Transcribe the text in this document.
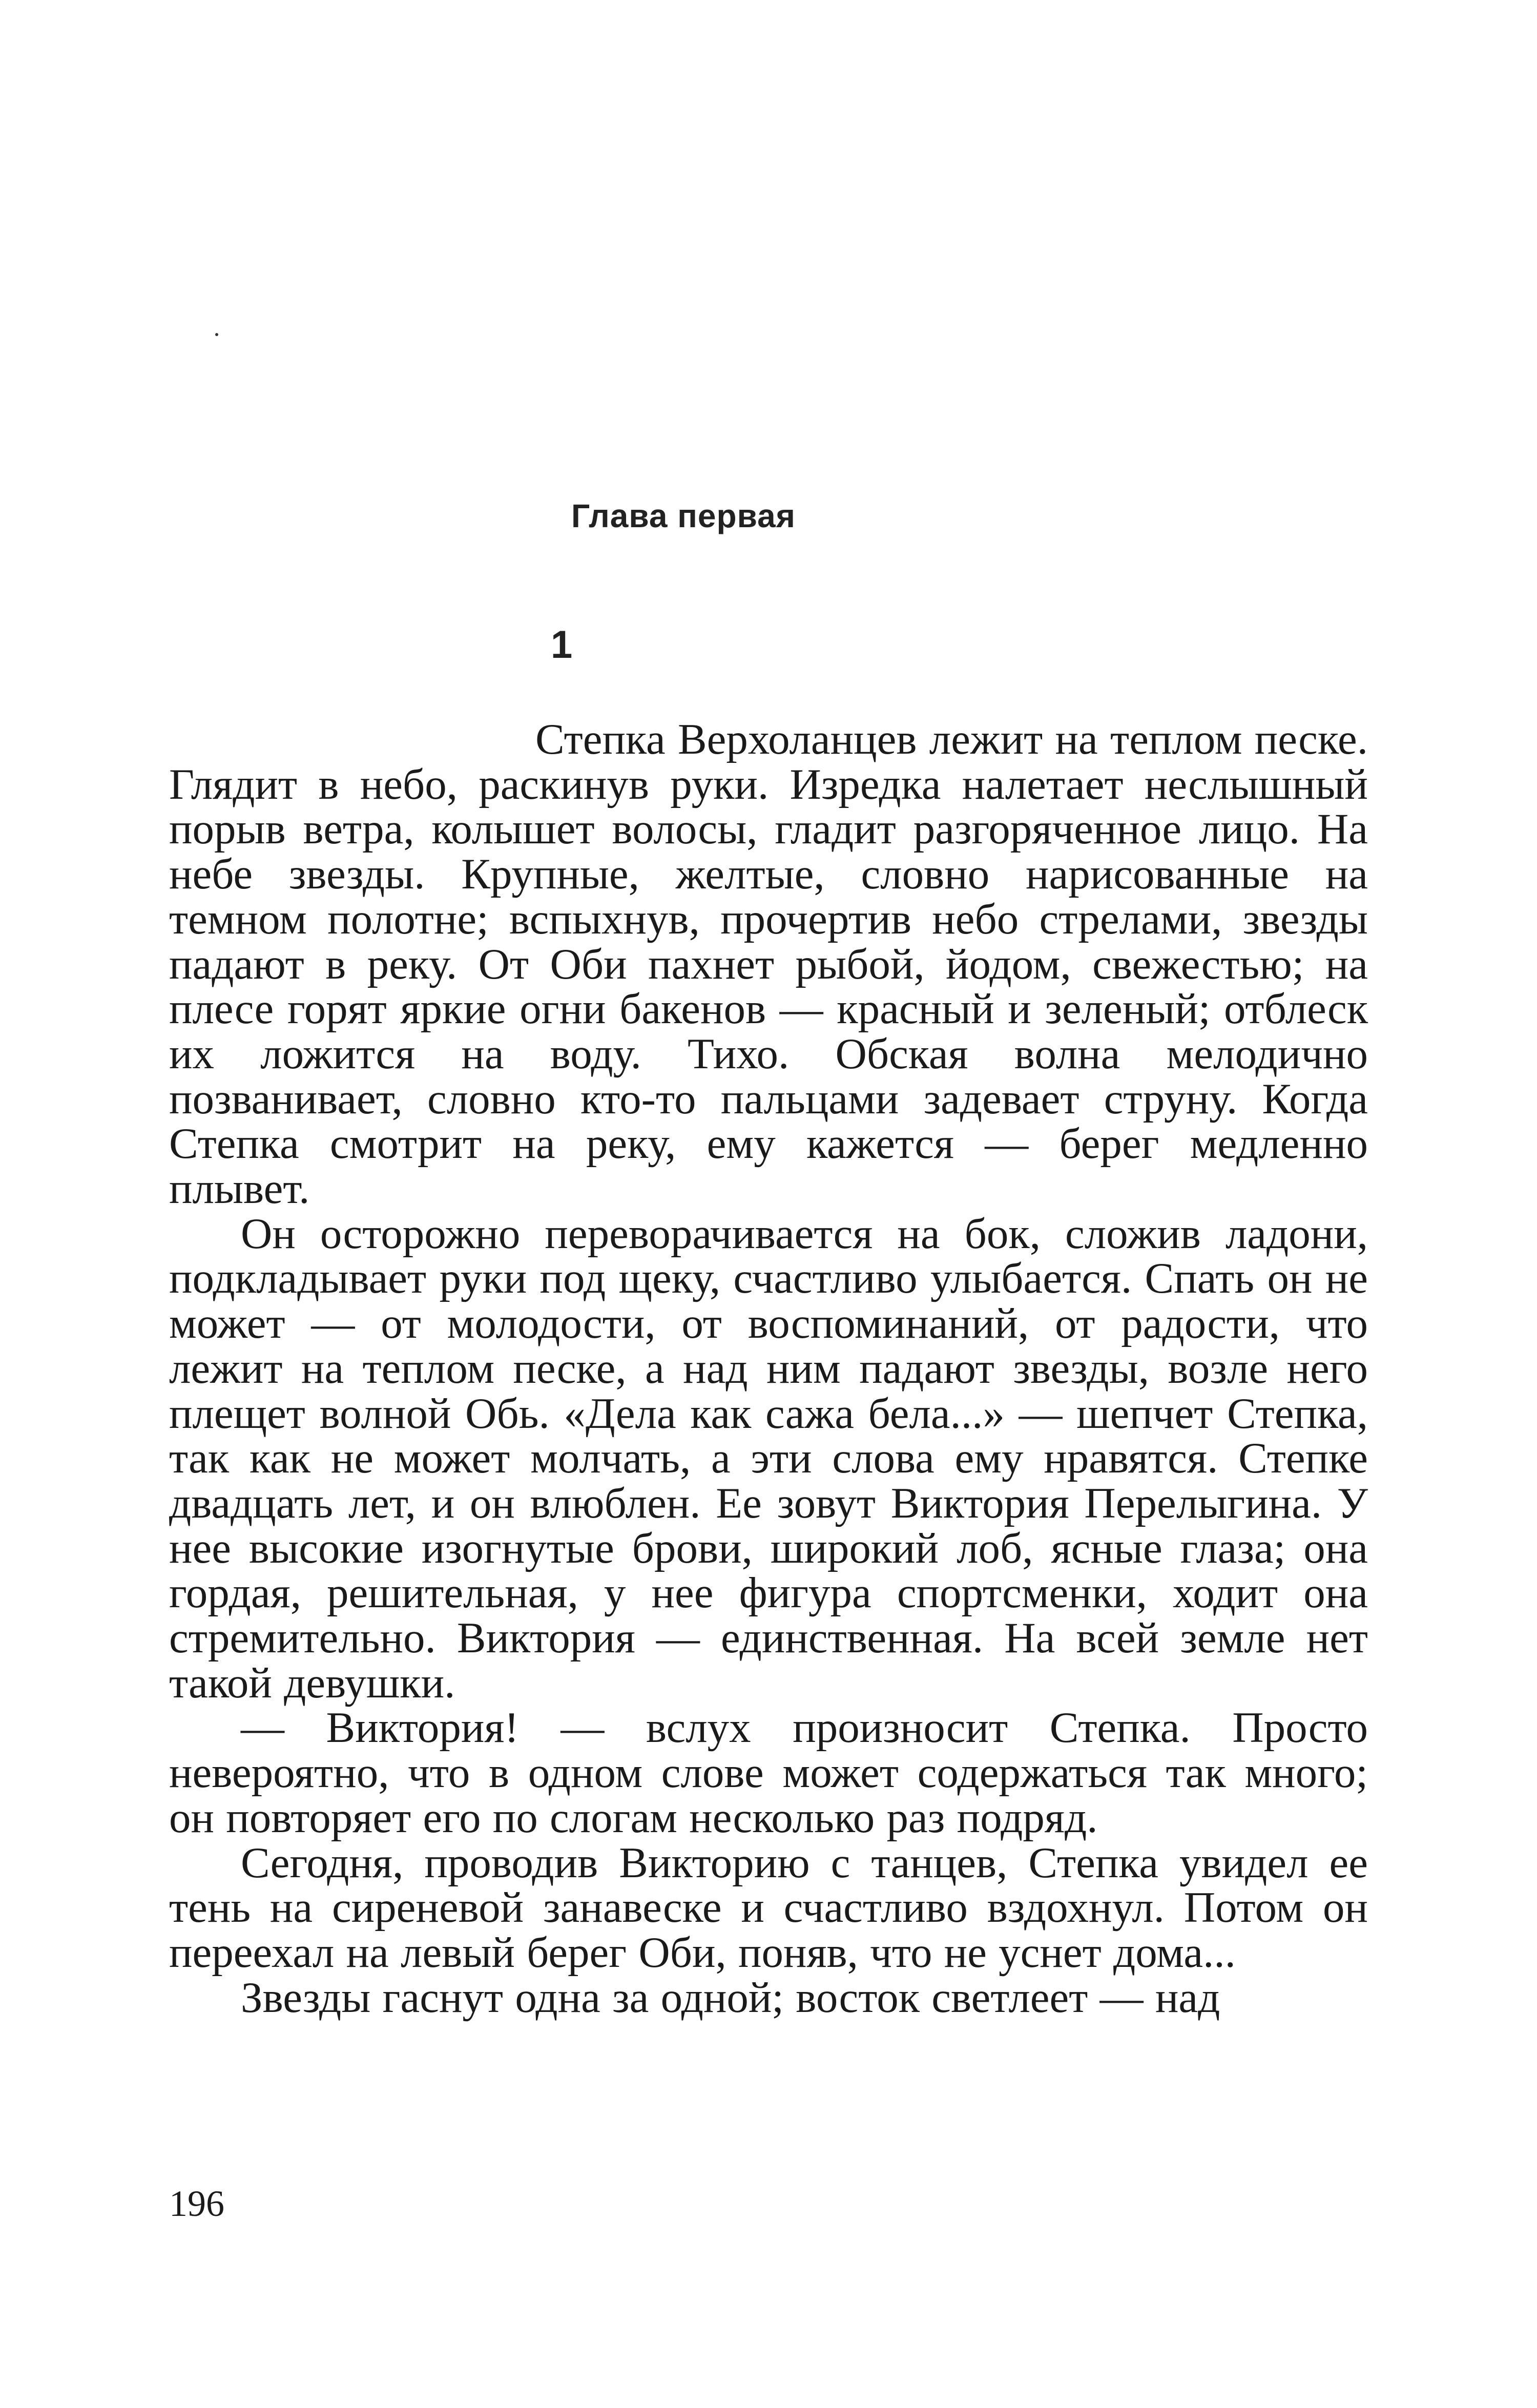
Глава первая
1

Степка Верхоланцев лежит на теплом песке. Глядит в небо, раскинув руки. Изредка налетает неслышный порыв ветра, колышет волосы, гладит разгоряченное лицо. На небе звезды. Крупные, желтые, словно нарисованные на темном полотне; вспыхнув, прочертив небо стрелами, звезды падают в реку. От Оби пахнет рыбой, йодом, свежестью; на плесе горят яркие огни бакенов — красный и зеленый; отблеск их ложится на воду. Тихо. Обская волна мелодично позванивает, словно кто-то пальцами задевает струну. Когда Степка смотрит на реку, ему кажется — берег медленно плывет.

Он осторожно переворачивается на бок, сложив ладони, подкладывает руки под щеку, счастливо улыбается. Спать он не может — от молодости, от воспоминаний, от радости, что лежит на теплом песке, а над ним падают звезды, возле него плещет волной Обь. «Дела как сажа бела...» — шепчет Степка, так как не может молчать, а эти слова ему нравятся. Степке двадцать лет, и он влюблен. Ее зовут Виктория Перелыгина. У нее высокие изогнутые брови, широкий лоб, ясные глаза; она гордая, решительная, у нее фигура спортсменки, ходит она стремительно. Виктория — единственная. На всей земле нет такой девушки.

— Виктория! — вслух произносит Степка. Просто невероятно, что в одном слове может содержаться так много; он повторяет его по слогам несколько раз подряд.

Сегодня, проводив Викторию с танцев, Степка увидел ее тень на сиреневой занавеске и счастливо вздохнул. Потом он переехал на левый берег Оби, поняв, что не уснет дома...

Звезды гаснут одна за одной; восток светлеет — над

196
